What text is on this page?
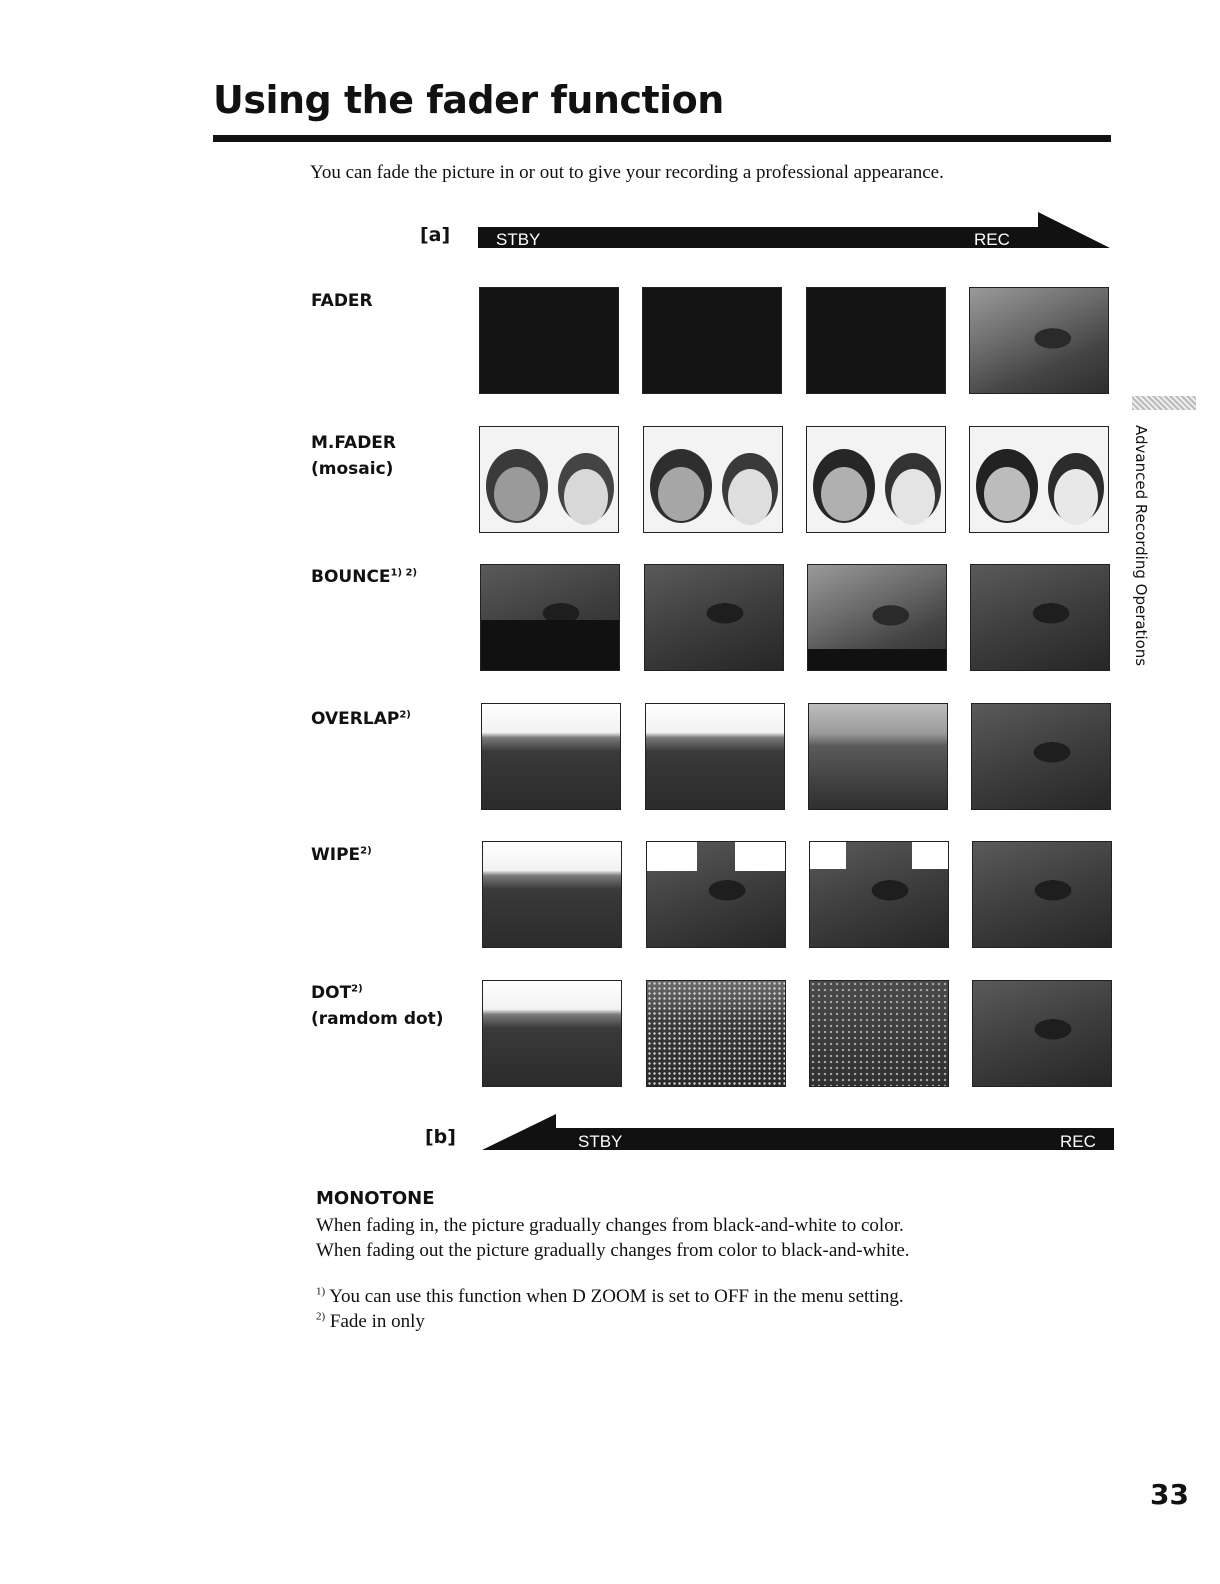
Using the fader function
You can fade the picture in or out to give your recording a professional appearance.
[a]	STBY	REC
FADER
M.FADER
(mosaic)
$BOUNCE^{1) 2)}$
OVERLAP$^{2)}$
WIPE$^{2)}$
DOT$^{2)}$
(ramdom dot)
[b]	STBY	REC
MONOTONE
When fading in, the picture gradually changes from black-and-white to color.
When fading out the picture gradually changes from color to black-and-white.
$^{1)}$ You can use this function when D ZOOM is set to OFF in the menu setting.
$^{2)}$ Fade in only
Advanced Recording Operations
33
